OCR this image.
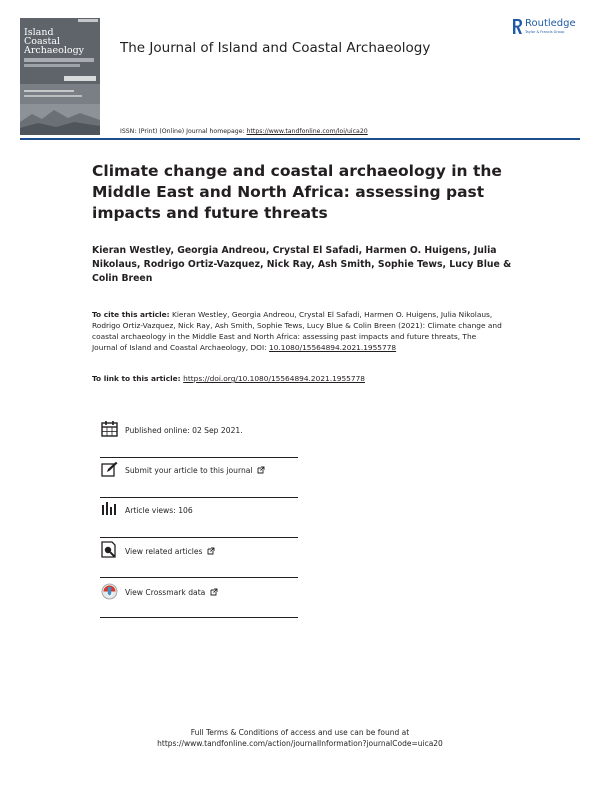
Island
Coastal
Archaeology	The Journal of Island and Coastal Archaeology
Routledge
Taylor & Francis Group
ISSN: (Print) (Online) Journal homepage: https://www.tandfonline.com/loi/uica20
Climate change and coastal archaeology in the Middle East and North Africa: assessing past impacts and future threats
Kieran Westley, Georgia Andreou, Crystal El Safadi, Harmen O. Huigens, Julia Nikolaus, Rodrigo Ortiz-Vazquez, Nick Ray, Ash Smith, Sophie Tews, Lucy Blue & Colin Breen
To cite this article: Kieran Westley, Georgia Andreou, Crystal El Safadi, Harmen O. Huigens, Julia Nikolaus, Rodrigo Ortiz-Vazquez, Nick Ray, Ash Smith, Sophie Tews, Lucy Blue & Colin Breen (2021): Climate change and coastal archaeology in the Middle East and North Africa: assessing past impacts and future threats, The Journal of Island and Coastal Archaeology, DOI: 10.1080/15564894.2021.1955778
To link to this article: https://doi.org/10.1080/15564894.2021.1955778
Published online: 02 Sep 2021.
Submit your article to this journal
Article views: 106
View related articles
View Crossmark data
Full Terms & Conditions of access and use can be found at
https://www.tandfonline.com/action/journalInformation?journalCode=uica20
